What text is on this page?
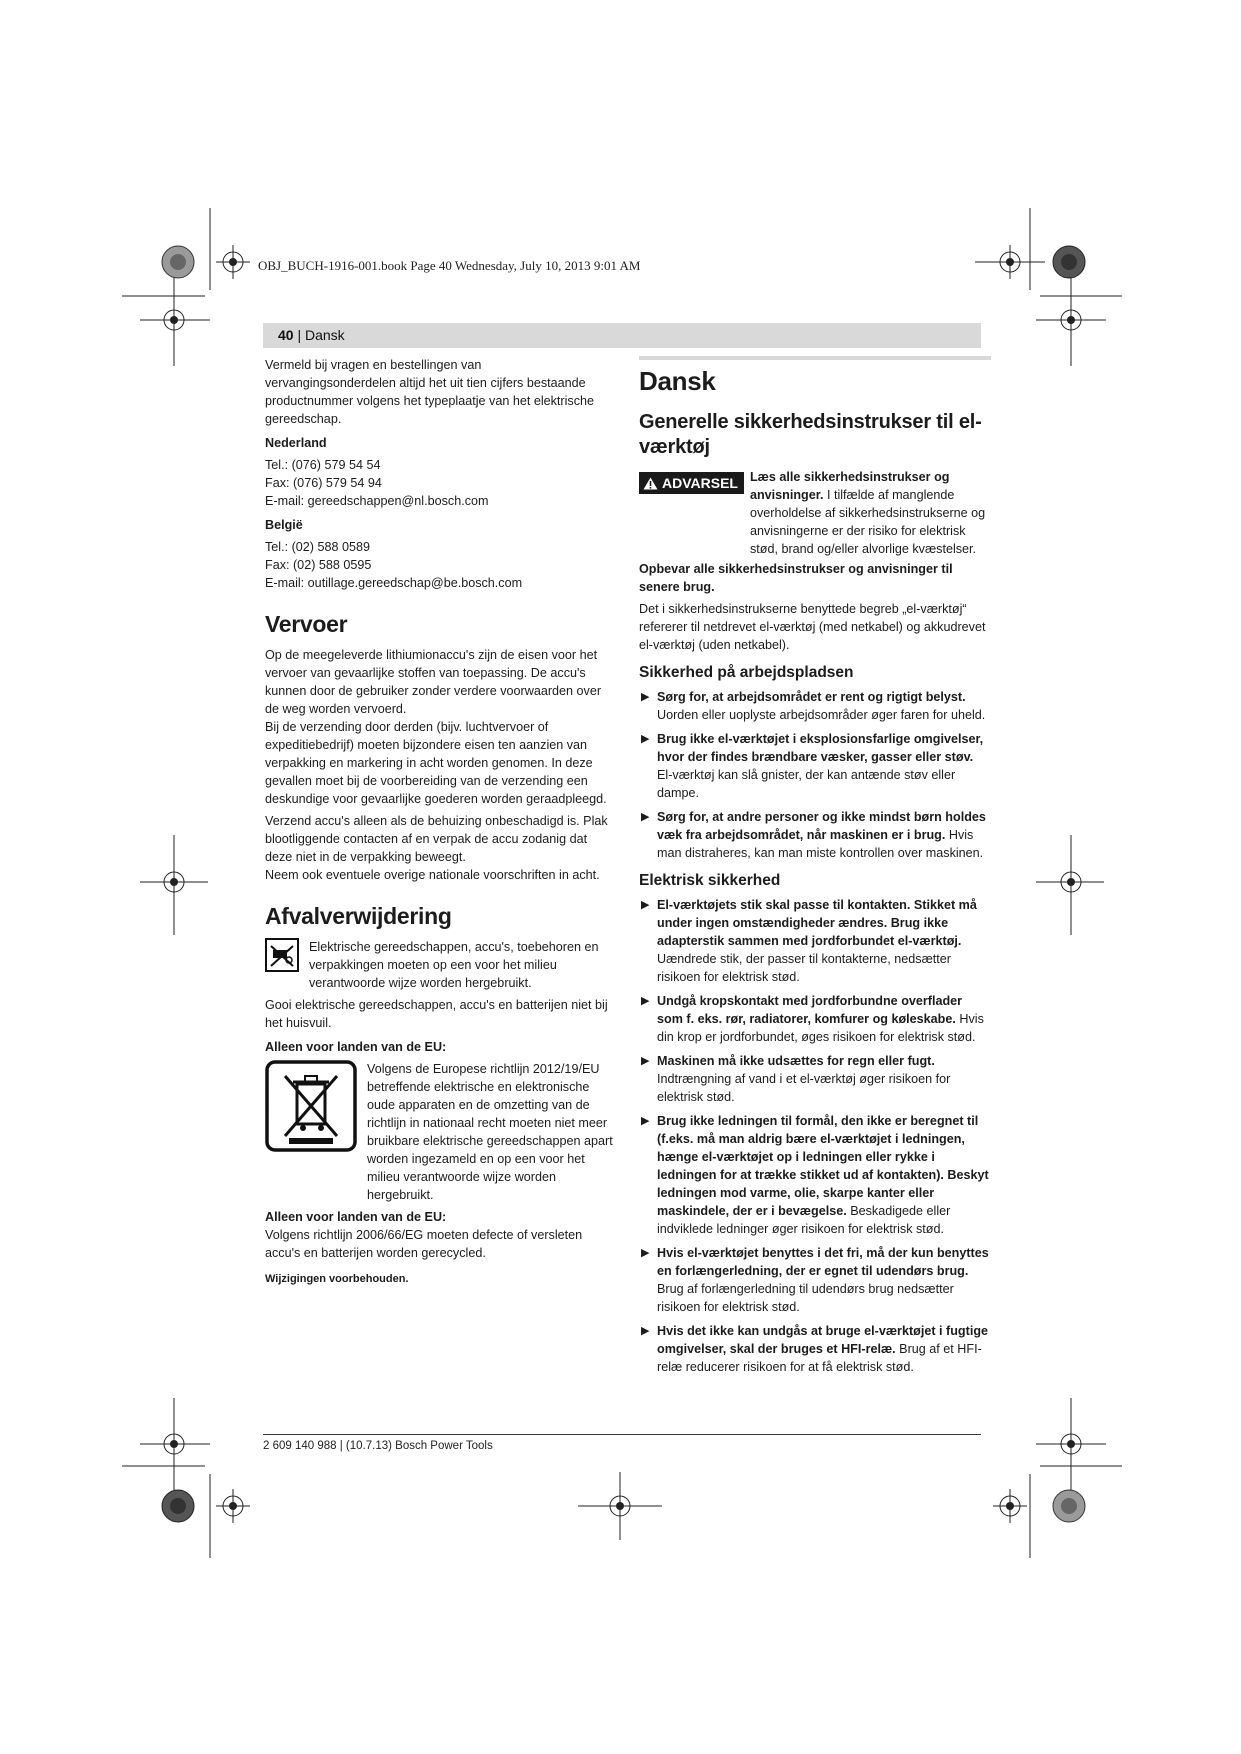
OBJ_BUCH-1916-001.book Page 40 Wednesday, July 10, 2013 9:01 AM
40 | Dansk

Vermeld bij vragen en bestellingen van vervangingsonderdelen altijd het uit tien cijfers bestaande productnummer volgens het typeplaatje van het elektrische gereedschap.

Nederland
Tel.: (076) 579 54 54
Fax: (076) 579 54 94
E-mail: gereedschappen@nl.bosch.com
België
Tel.: (02) 588 0589
Fax: (02) 588 0595
E-mail: outillage.gereedschap@be.bosch.com
Vervoer

Op de meegeleverde lithiumionaccu's zijn de eisen voor het vervoer van gevaarlijke stoffen van toepassing. De accu's kunnen door de gebruiker zonder verdere voorwaarden over de weg worden vervoerd.

Bij de verzending door derden (bijv. luchtvervoer of expeditiebedrijf) moeten bijzondere eisen ten aanzien van verpakking en markering in acht worden genomen. In deze gevallen moet bij de voorbereiding van de verzending een deskundige voor gevaarlijke goederen worden geraadpleegd.

Verzend accu's alleen als de behuizing onbeschadigd is. Plak blootliggende contacten af en verpak de accu zodanig dat deze niet in de verpakking beweegt.

Neem ook eventuele overige nationale voorschriften in acht.

Afvalverwijdering
Elektrische gereedschappen, accu's, toebehoren en verpakkingen moeten op een voor het milieu verantwoorde wijze worden hergebruikt.

Gooi elektrische gereedschappen, accu's en batterijen niet bij het huisvuil.

Alleen voor landen van de EU:
Volgens de Europese richtlijn 2012/19/EU betreffende elektrische en elektronische oude apparaten en de omzetting van de richtlijn in nationaal recht moeten niet meer bruikbare elektrische gereedschappen apart worden ingezameld en op een voor het milieu verantwoorde wijze worden hergebruikt.
Alleen voor landen van de EU:

Volgens richtlijn 2006/66/EG moeten defecte of versleten accu's en batterijen worden gerecycled.

Wijzigingen voorbehouden.
Dansk
Generelle sikkerhedsinstrukser til el-værktøj
ADVARSEL Læs alle sikkerhedsinstrukser og anvisninger. I tilfælde af manglende overholdelse af sikkerhedsinstrukserne og anvisningerne er der risiko for elektrisk stød, brand og/eller alvorlige kvæstelser.

Opbevar alle sikkerhedsinstrukser og anvisninger til senere brug.

Det i sikkerhedsinstrukserne benyttede begreb „el-værktøj“ refererer til netdrevet el-værktøj (med netkabel) og akkudrevet el-værktøj (uden netkabel).

Sikkerhed på arbejdspladsen
▶ Sørg for, at arbejdsområdet er rent og rigtigt belyst. Uorden eller uoplyste arbejdsområder øger faren for uheld.
▶ Brug ikke el-værktøjet i eksplosionsfarlige omgivelser, hvor der findes brændbare væsker, gasser eller støv. El-værktøj kan slå gnister, der kan antænde støv eller dampe.
▶ Sørg for, at andre personer og ikke mindst børn holdes væk fra arbejdsområdet, når maskinen er i brug. Hvis man distraheres, kan man miste kontrollen over maskinen.
Elektrisk sikkerhed
▶ El-værktøjets stik skal passe til kontakten. Stikket må under ingen omstændigheder ændres. Brug ikke adapterstik sammen med jordforbundet el-værktøj. Uændrede stik, der passer til kontakterne, nedsætter risikoen for elektrisk stød.
▶ Undgå kropskontakt med jordforbundne overflader som f. eks. rør, radiatorer, komfurer og køleskabe. Hvis din krop er jordforbundet, øges risikoen for elektrisk stød.
▶ Maskinen må ikke udsættes for regn eller fugt. Indtrængning af vand i et el-værktøj øger risikoen for elektrisk stød.
▶ Brug ikke ledningen til formål, den ikke er beregnet til (f.eks. må man aldrig bære el-værktøjet i ledningen, hænge el-værktøjet op i ledningen eller rykke i ledningen for at trække stikket ud af kontakten). Beskyt ledningen mod varme, olie, skarpe kanter eller maskindele, der er i bevægelse. Beskadigede eller indviklede ledninger øger risikoen for elektrisk stød.
▶ Hvis el-værktøjet benyttes i det fri, må der kun benyttes en forlængerledning, der er egnet til udendørs brug. Brug af forlængerledning til udendørs brug nedsætter risikoen for elektrisk stød.
▶ Hvis det ikke kan undgås at bruge el-værktøjet i fugtige omgivelser, skal der bruges et HFI-relæ. Brug af et HFI-relæ reducerer risikoen for at få elektrisk stød.
2 609 140 988 | (10.7.13) Bosch Power Tools
